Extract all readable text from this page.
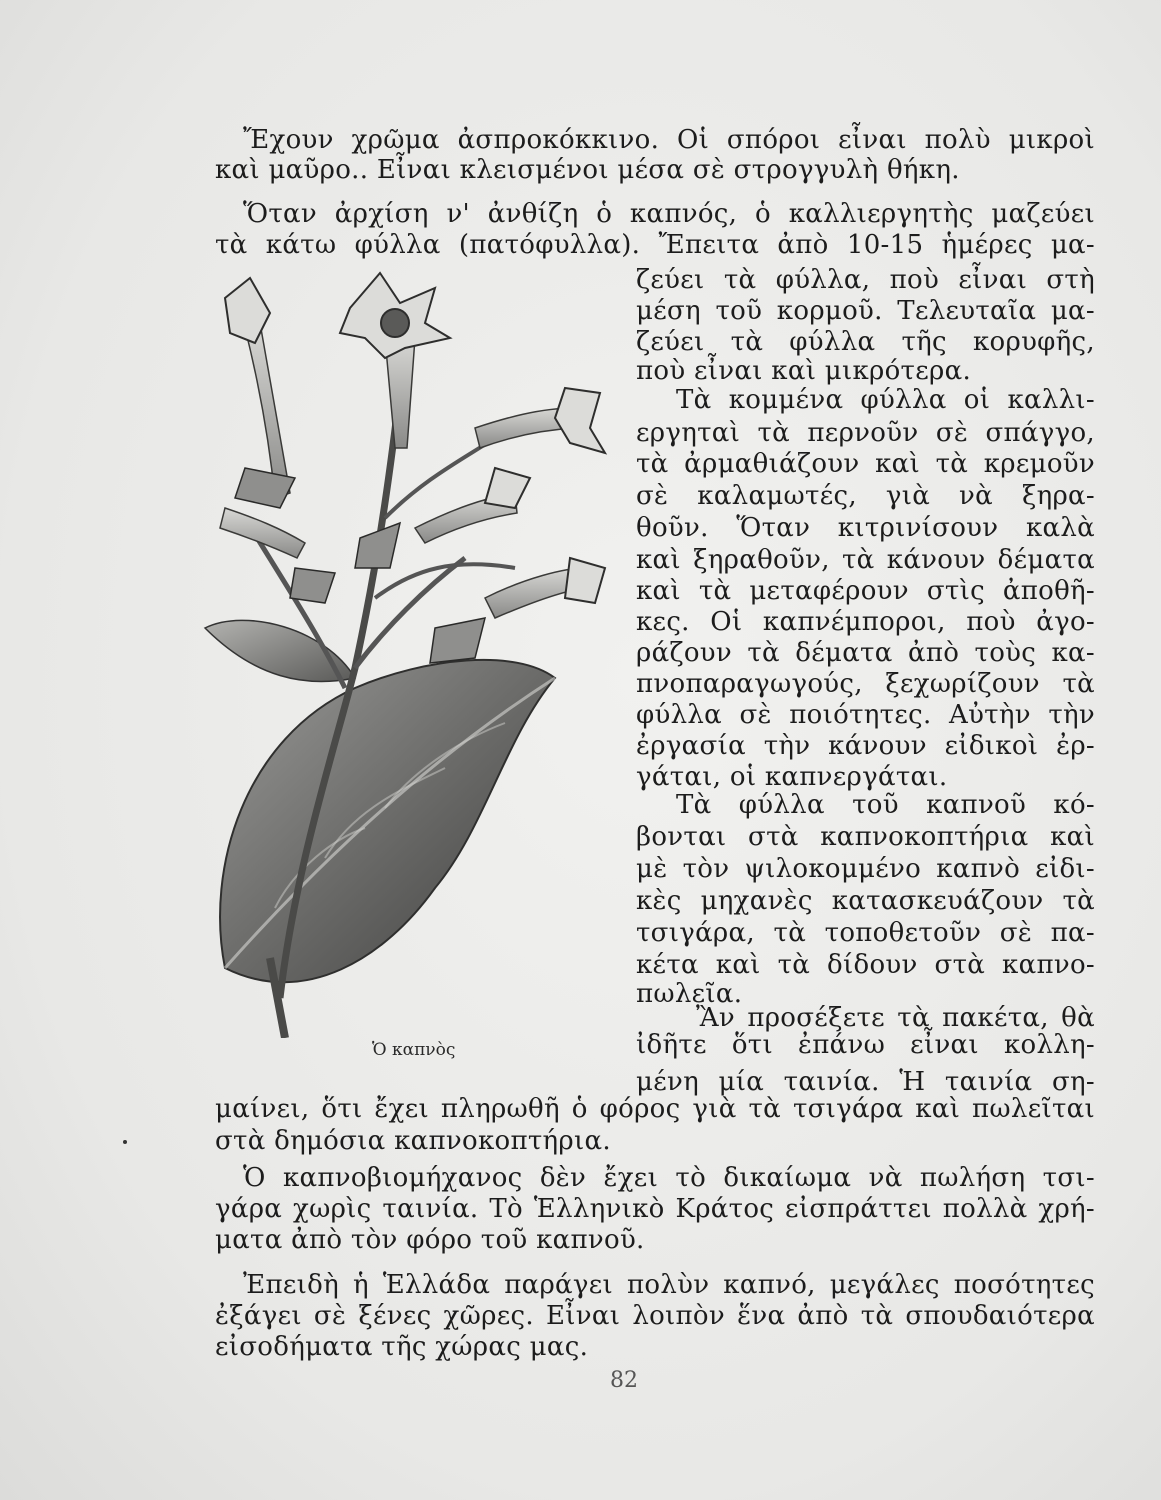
Ἔχουν χρῶμα ἀσπροκόκκινο. Οἱ σπόροι εἶναι πολὺ μικροὶ
καὶ μαῦρο.. Εἶναι κλεισμένοι μέσα σὲ στρογγυλὴ θήκη.
Ὅταν ἀρχίση ν' ἀνθίζη ὁ καπνός, ὁ καλλιεργητὴς μαζεύει
τὰ κάτω φύλλα (πατόφυλλα). Ἔπειτα ἀπὸ 10-15 ἡμέρες μα-
ζεύει τὰ φύλλα, ποὺ εἶναι στὴ
μέση τοῦ κορμοῦ. Τελευταῖα μα-
ζεύει τὰ φύλλα τῆς κορυφῆς,
ποὺ εἶναι καὶ μικρότερα.
Τὰ κομμένα φύλλα οἱ καλλι-
εργηταὶ τὰ περνοῦν σὲ σπάγγο,
τὰ ἀρμαθιάζουν καὶ τὰ κρεμοῦν
σὲ καλαμωτές, γιὰ νὰ ξηρα-
θοῦν. Ὅταν κιτρινίσουν καλὰ
καὶ ξηραθοῦν, τὰ κάνουν δέματα
καὶ τὰ μεταφέρουν στὶς ἀποθῆ-
κες. Οἱ καπνέμποροι, ποὺ ἀγο-
ράζουν τὰ δέματα ἀπὸ τοὺς κα-
πνοπαραγωγούς, ξεχωρίζουν τὰ
φύλλα σὲ ποιότητες. Αὐτὴν τὴν
ἐργασία τὴν κάνουν εἰδικοὶ ἐρ-
γάται, οἱ καπνεργάται.
Τὰ φύλλα τοῦ καπνοῦ κό-
βονται στὰ καπνοκοπτήρια καὶ
μὲ τὸν ψιλοκομμένο καπνὸ εἰδι-
κὲς μηχανὲς κατασκευάζουν τὰ
τσιγάρα, τὰ τοποθετοῦν σὲ πα-
κέτα καὶ τὰ δίδουν στὰ καπνο-
πωλεῖα.
Ὁ καπνὸς
82
Ἂν προσέξετε τὰ πακέτα, θὰ
ἰδῆτε ὅτι ἐπάνω εἶναι κολλη-
μένη μία ταινία. Ἡ ταινία ση-
μαίνει, ὅτι ἔχει πληρωθῆ ὁ φόρος γιὰ τὰ τσιγάρα καὶ πωλεῖται
στὰ δημόσια καπνοκοπτήρια.
Ὁ καπνοβιομήχανος δὲν ἔχει τὸ δικαίωμα νὰ πωλήση τσι-
γάρα χωρὶς ταινία. Τὸ Ἑλληνικὸ Κράτος εἰσπράττει πολλὰ χρή-
ματα ἀπὸ τὸν φόρο τοῦ καπνοῦ.
Ἐπειδὴ ἡ Ἑλλάδα παράγει πολὺν καπνό, μεγάλες ποσότητες
ἐξάγει σὲ ξένες χῶρες. Εἶναι λοιπὸν ἕνα ἀπὸ τὰ σπουδαιότερα
εἰσοδήματα τῆς χώρας μας.
